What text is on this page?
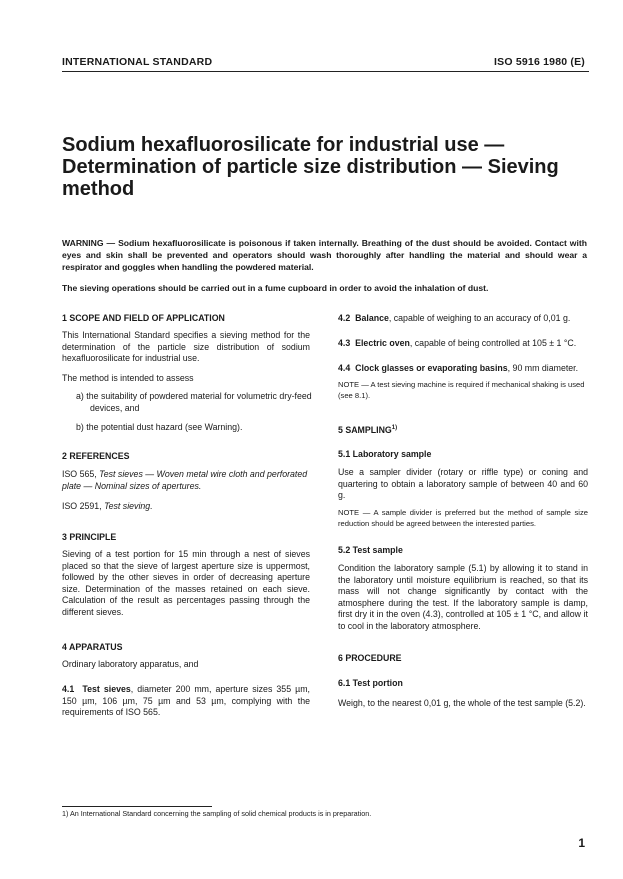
INTERNATIONAL STANDARD	ISO 5916 1980 (E)
Sodium hexafluorosilicate for industrial use — Determination of particle size distribution — Sieving method
WARNING — Sodium hexafluorosilicate is poisonous if taken internally. Breathing of the dust should be avoided. Contact with eyes and skin shall be prevented and operators should wash thoroughly after handling the material and should wear a respirator and goggles when handling the powdered material.
The sieving operations should be carried out in a fume cupboard in order to avoid the inhalation of dust.
1 SCOPE AND FIELD OF APPLICATION
This International Standard specifies a sieving method for the determination of the particle size distribution of sodium hexafluorosilicate for industrial use.
The method is intended to assess
a) the suitability of powdered material for volumetric dry-feed devices, and
b) the potential dust hazard (see Warning).
2 REFERENCES
ISO 565, Test sieves — Woven metal wire cloth and perforated plate — Nominal sizes of apertures.
ISO 2591, Test sieving.
3 PRINCIPLE
Sieving of a test portion for 15 min through a nest of sieves placed so that the sieve of largest aperture size is uppermost, followed by the other sieves in order of decreasing aperture size. Determination of the masses retained on each sieve. Calculation of the result as percentages passing through the different sieves.
4 APPARATUS
Ordinary laboratory apparatus, and
4.1 Test sieves, diameter 200 mm, aperture sizes 355 µm, 150 µm, 106 µm, 75 µm and 53 µm, complying with the requirements of ISO 565.
4.2 Balance, capable of weighing to an accuracy of 0,01 g.
4.3 Electric oven, capable of being controlled at 105 ± 1 °C.
4.4 Clock glasses or evaporating basins, 90 mm diameter.
NOTE — A test sieving machine is required if mechanical shaking is used (see 8.1).
5 SAMPLING$^{1)}$
5.1 Laboratory sample
Use a sampler divider (rotary or riffle type) or coning and quartering to obtain a laboratory sample of between 40 and 60 g.
NOTE — A sample divider is preferred but the method of sample size reduction should be agreed between the interested parties.
5.2 Test sample
Condition the laboratory sample (5.1) by allowing it to stand in the laboratory until moisture equilibrium is reached, so that its mass will not change significantly by contact with the atmosphere during the test. If the laboratory sample is damp, first dry it in the oven (4.3), controlled at 105 ± 1 °C, and allow it to cool in the laboratory atmosphere.
6 PROCEDURE
6.1 Test portion
Weigh, to the nearest 0,01 g, the whole of the test sample (5.2).
1) An International Standard concerning the sampling of solid chemical products is in preparation.
1
